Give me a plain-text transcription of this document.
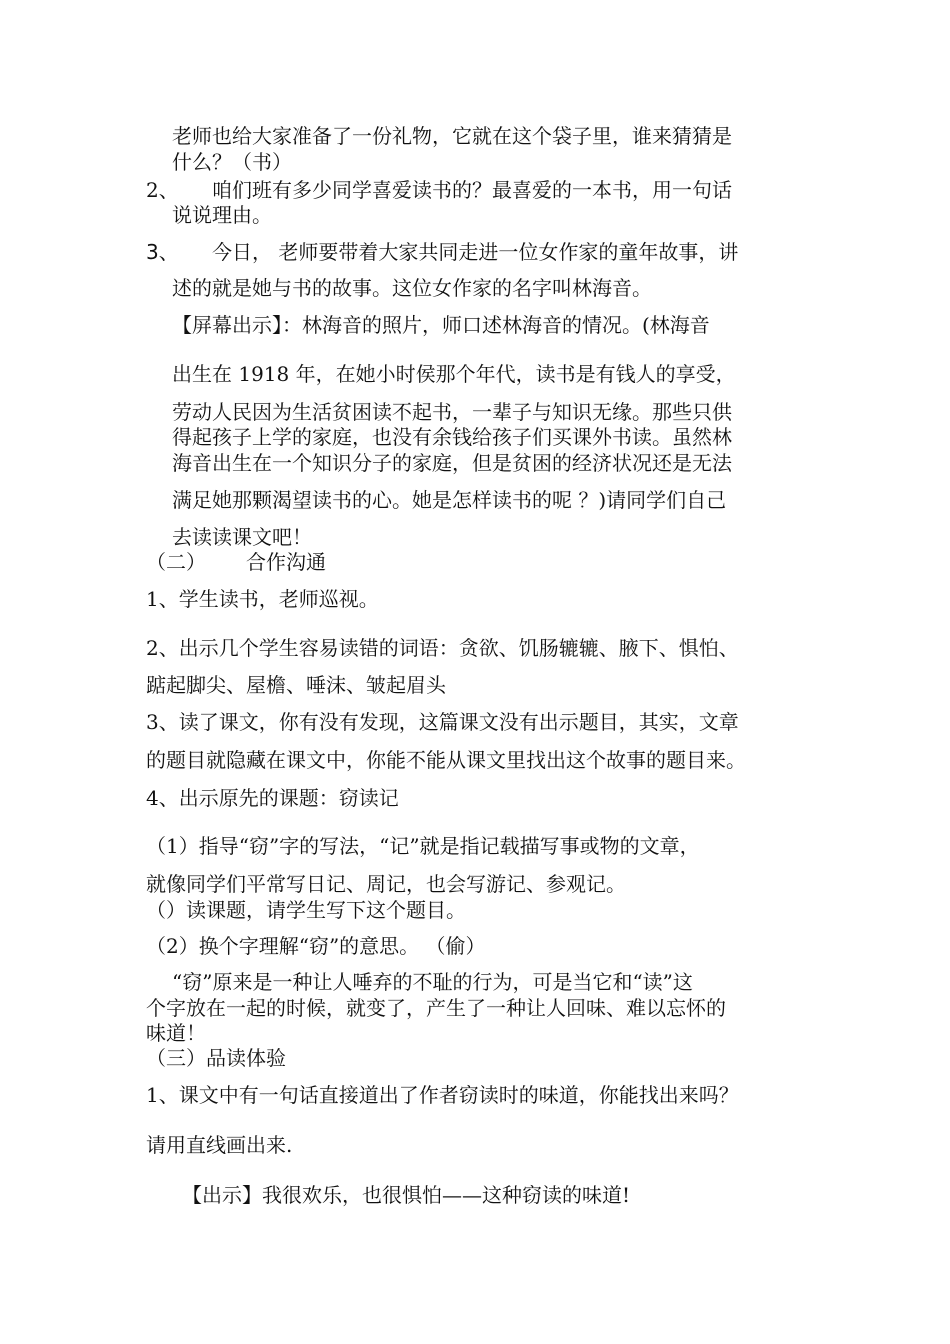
老师也给大家准备了一份礼物，它就在这个袋子里，谁来猜猜是
什么？（书）
2、 咱们班有多少同学喜爱读书的？最喜爱的一本书，用一句话
说说理由。
3、 今日， 老师要带着大家共同走进一位女作家的童年故事，讲
述的就是她与书的故事。这位女作家的名字叫林海音。
【屏幕出示】：林海音的照片，师口述林海音的情况。(林海音
出生在 1918 年，在她小时侯那个年代，读书是有钱人的享受，
劳动人民因为生活贫困读不起书，一辈子与知识无缘。那些只供
得起孩子上学的家庭，也没有余钱给孩子们买课外书读。虽然林
海音出生在一个知识分子的家庭，但是贫困的经济状况还是无法
满足她那颗渴望读书的心。她是怎样读书的呢 ？)请同学们自己
去读读课文吧！
（二） 合作沟通
1、学生读书，老师巡视。
2、出示几个学生容易读错的词语：贪欲、饥肠辘辘、腋下、惧怕、
踮起脚尖、屋檐、唾沫、皱起眉头
3、读了课文，你有没有发现，这篇课文没有出示题目，其实，文章
的题目就隐藏在课文中，你能不能从课文里找出这个故事的题目来。
4、出示原先的课题：窃读记
（1）指导“窃”字的写法，“记”就是指记载描写事或物的文章，
就像同学们平常写日记、周记，也会写游记、参观记。
（）读课题，请学生写下这个题目。
（2）换个字理解“窃”的意思。 （偷）
“窃”原来是一种让人唾弃的不耻的行为，可是当它和“读”这
个字放在一起的时候，就变了，产生了一种让人回味、难以忘怀的
味道！
（三）品读体验
1、课文中有一句话直接道出了作者窃读时的味道，你能找出来吗？
请用直线画出来.
【出示】我很欢乐，也很惧怕——这种窃读的味道!
